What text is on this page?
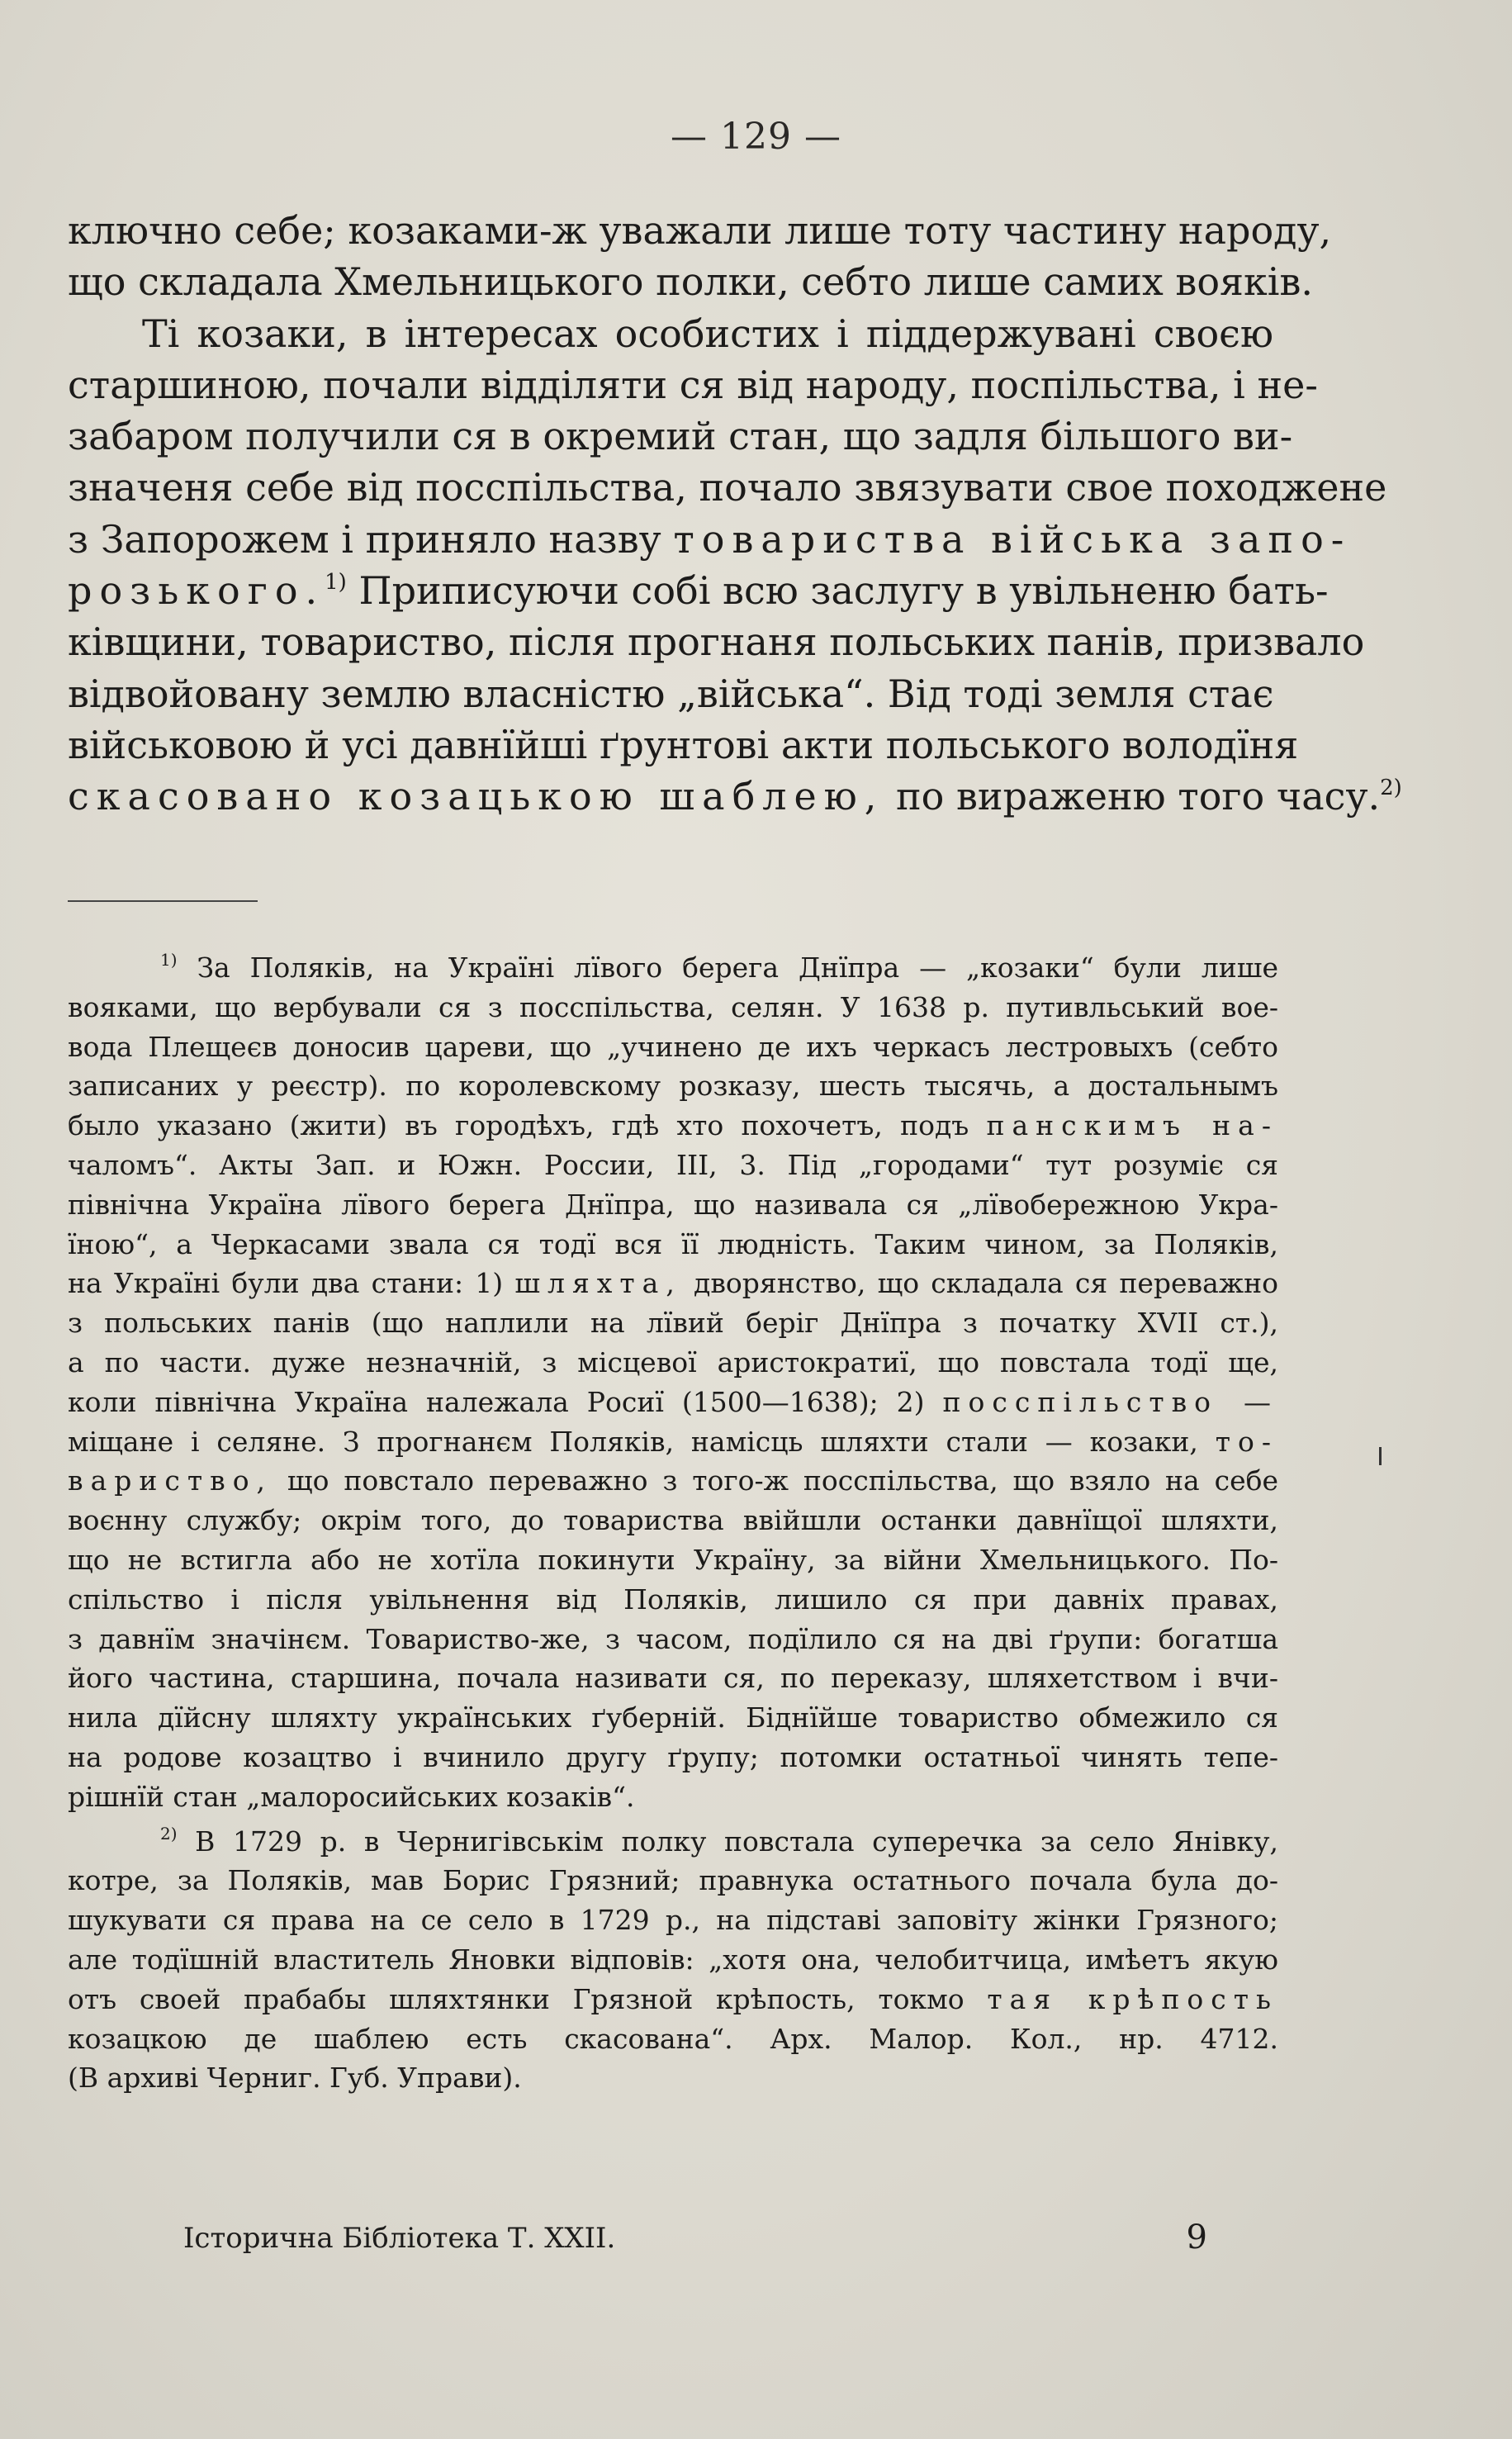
— 129 —
ключно себе; козаками-ж уважали лише тоту частину народу,
що складала Хмельницького полки, себто лише самих вояків.
Ті козаки, в інтересах особистих і піддержувані своєю
старшиною, почали відділяти ся від народу, поспільства, і не-
забаром получили ся в окремий стан, що задля більшого ви-
значеня себе від посспільства, почало звязувати свое походжене
з Запорожем і приняло назву товариства війська запо-
розького.$^{1)}$ Приписуючи собі всю заслугу в увільненю бать-
ківщини, товариство, після прогнаня польських панів, призвало
відвойовану землю власністю „війська“. Від тоді земля стає
військовою й усі давнїйші ґрунтові акти польського володїня
скасовано козацькою шаблею, по вираженю того часу.$^{2)}$
$^{1)}$ За Поляків, на Україні лївого берега Днїпра — „козаки“ були лише
вояками, що вербували ся з посспільства, селян. У 1638 р. путивльський вое-
вода Плещеєв доносив цареви, що „учинено де ихъ черкасъ лестровыхъ (себто
записаних у реєстр). по королевскому розказу, шесть тысячь, а достальнымъ
было указано (жити) въ городѣхъ, гдѣ хто похочетъ, подъ панскимъ на-
чаломъ“. Акты Зап. и Южн. России, III, 3. Під „городами“ тут розуміє ся
північна Україна лївого берега Днїпра, що називала ся „лївобережною Укра-
їною“, а Черкасами звала ся тодї вся її людність. Таким чином, за Поляків,
на Україні були два стани: 1) шляхта, дворянство, що складала ся переважно
з польських панів (що наплили на лївий беріг Днїпра з початку XVII ст.),
а по части. дуже незначній, з місцевої аристократиї, що повстала тодї ще,
коли північна Україна належала Росиї (1500—1638); 2) посспільство —
міщане і селяне. З прогнанєм Поляків, намісць шляхти стали — козаки, то-
вариство, що повстало переважно з того-ж посспільства, що взяло на себе
воєнну службу; окрім того, до товариства ввійшли останки давнїщої шляхти,
що не встигла або не хотїла покинути Україну, за війни Хмельницького. По-
спільство і після увільнення від Поляків, лишило ся при давніх правах,
з давнїм значінєм. Товариство-же, з часом, подїлило ся на дві ґрупи: богатша
його частина, старшина, почала називати ся, по переказу, шляхетством і вчи-
нила дїйсну шляхту українських ґуберній. Біднїйше товариство обмежило ся
на родове козацтво і вчинило другу ґрупу; потомки остатньої чинять тепе-
рішнїй стан „малоросийських козаків“.
$^{2)}$ В 1729 р. в Чернигівськім полку повстала суперечка за село Янівку,
котре, за Поляків, мав Борис Грязний; правнука остатнього почала була до-
шукувати ся права на се село в 1729 р., на підставі заповіту жінки Грязного;
але тодїшній властитель Яновки відповів: „хотя она, челобитчица, имѣетъ якую
отъ своей прабабы шляхтянки Грязной крѣпость, токмо тая крѣпость
козацкою де шаблею есть скасована“. Арх. Малор. Кол., нр. 4712.
(В архиві Черниг. Губ. Управи).
Історична Бібліотека Т. XXII.	9
